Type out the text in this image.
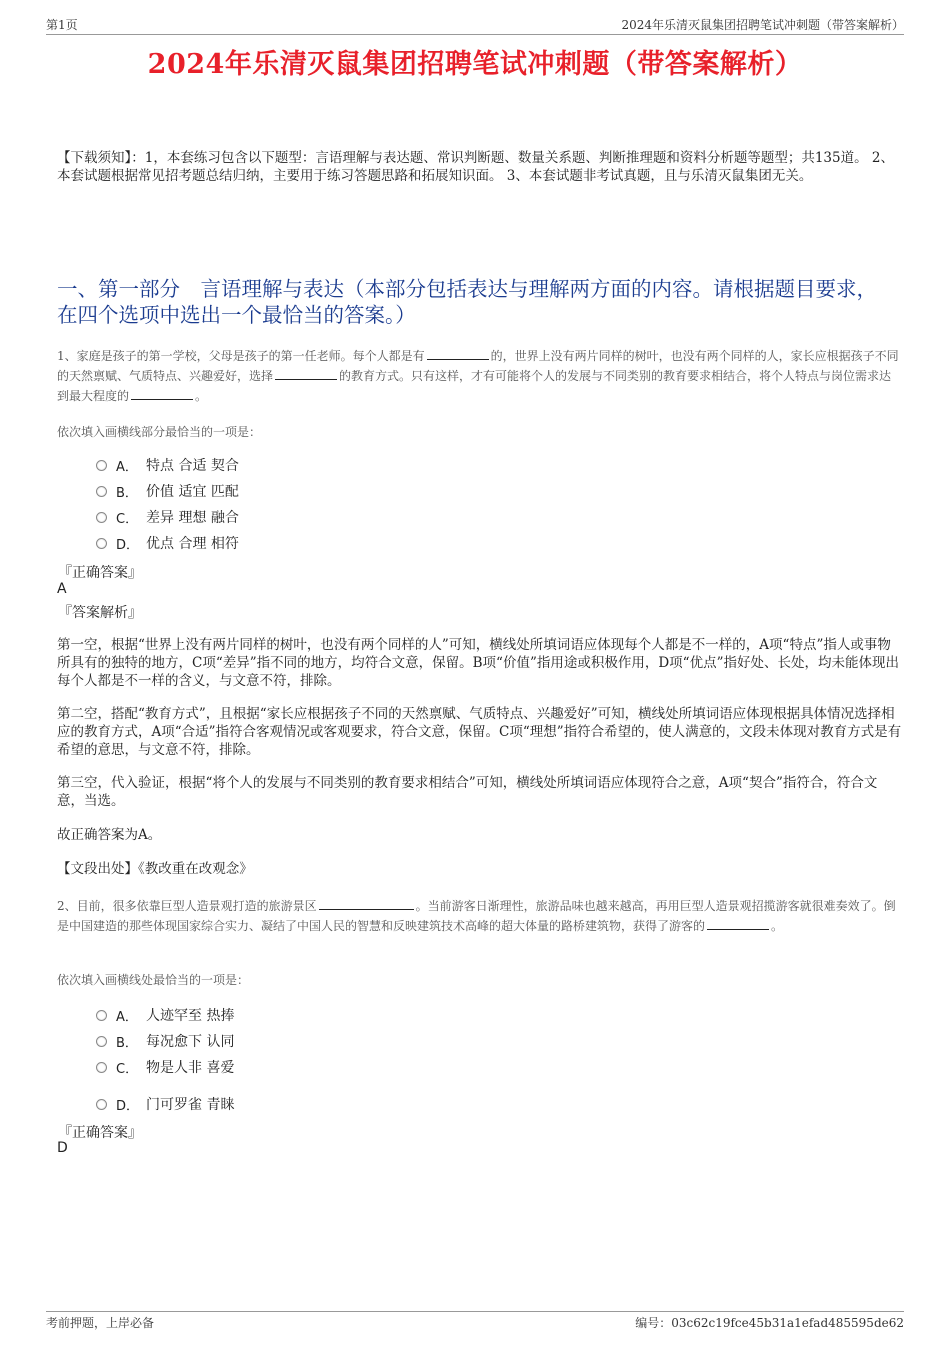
第1页	2024年乐清灭鼠集团招聘笔试冲刺题（带答案解析）
2024年乐清灭鼠集团招聘笔试冲刺题（带答案解析）
【下载须知】：1，本套练习包含以下题型：言语理解与表达题、常识判断题、数量关系题、判断推理题和资料分析题等题型；共135道。 2、本套试题根据常见招考题总结归纳，主要用于练习答题思路和拓展知识面。 3、本套试题非考试真题，且与乐清灭鼠集团无关。
一、第一部分　言语理解与表达（本部分包括表达与理解两方面的内容。请根据题目要求，在四个选项中选出一个最恰当的答案。）
1、家庭是孩子的第一学校，父母是孩子的第一任老师。每个人都是有	的，世界上没有两片同样的树叶，也没有两个同样的人，家长应根据孩子不同的天然禀赋、气质特点、兴趣爱好，选择	的教育方式。只有这样，才有可能将个人的发展与不同类别的教育要求相结合，将个人特点与岗位需求达到最大程度的	。
依次填入画横线部分最恰当的一项是：
A． 特点 合适 契合
B． 价值 适宜 匹配
C． 差异 理想 融合
D． 优点 合理 相符
『正确答案』
A
『答案解析』
第一空，根据“世界上没有两片同样的树叶，也没有两个同样的人”可知，横线处所填词语应体现每个人都是不一样的，A项“特点”指人或事物所具有的独特的地方，C项“差异”指不同的地方，均符合文意，保留。B项“价值”指用途或积极作用，D项“优点”指好处、长处，均未能体现出每个人都是不一样的含义，与文意不符，排除。
第二空，搭配“教育方式”，且根据“家长应根据孩子不同的天然禀赋、气质特点、兴趣爱好”可知，横线处所填词语应体现根据具体情况选择相应的教育方式，A项“合适”指符合客观情况或客观要求，符合文意，保留。C项“理想”指符合希望的，使人满意的，文段未体现对教育方式是有希望的意思，与文意不符，排除。
第三空，代入验证，根据“将个人的发展与不同类别的教育要求相结合”可知，横线处所填词语应体现符合之意，A项“契合”指符合，符合文意，当选。
故正确答案为A。
【文段出处】《教改重在改观念》
2、目前，很多依靠巨型人造景观打造的旅游景区	。当前游客日渐理性，旅游品味也越来越高，再用巨型人造景观招揽游客就很难奏效了。倒是中国建造的那些体现国家综合实力、凝结了中国人民的智慧和反映建筑技术高峰的超大体量的路桥建筑物，获得了游客的	。
依次填入画横线处最恰当的一项是：
A． 人迹罕至 热捧
B． 每况愈下 认同
C． 物是人非 喜爱
D． 门可罗雀 青睐
『正确答案』
D
考前押题，上岸必备	编号：03c62c19fce45b31a1efad485595de62
